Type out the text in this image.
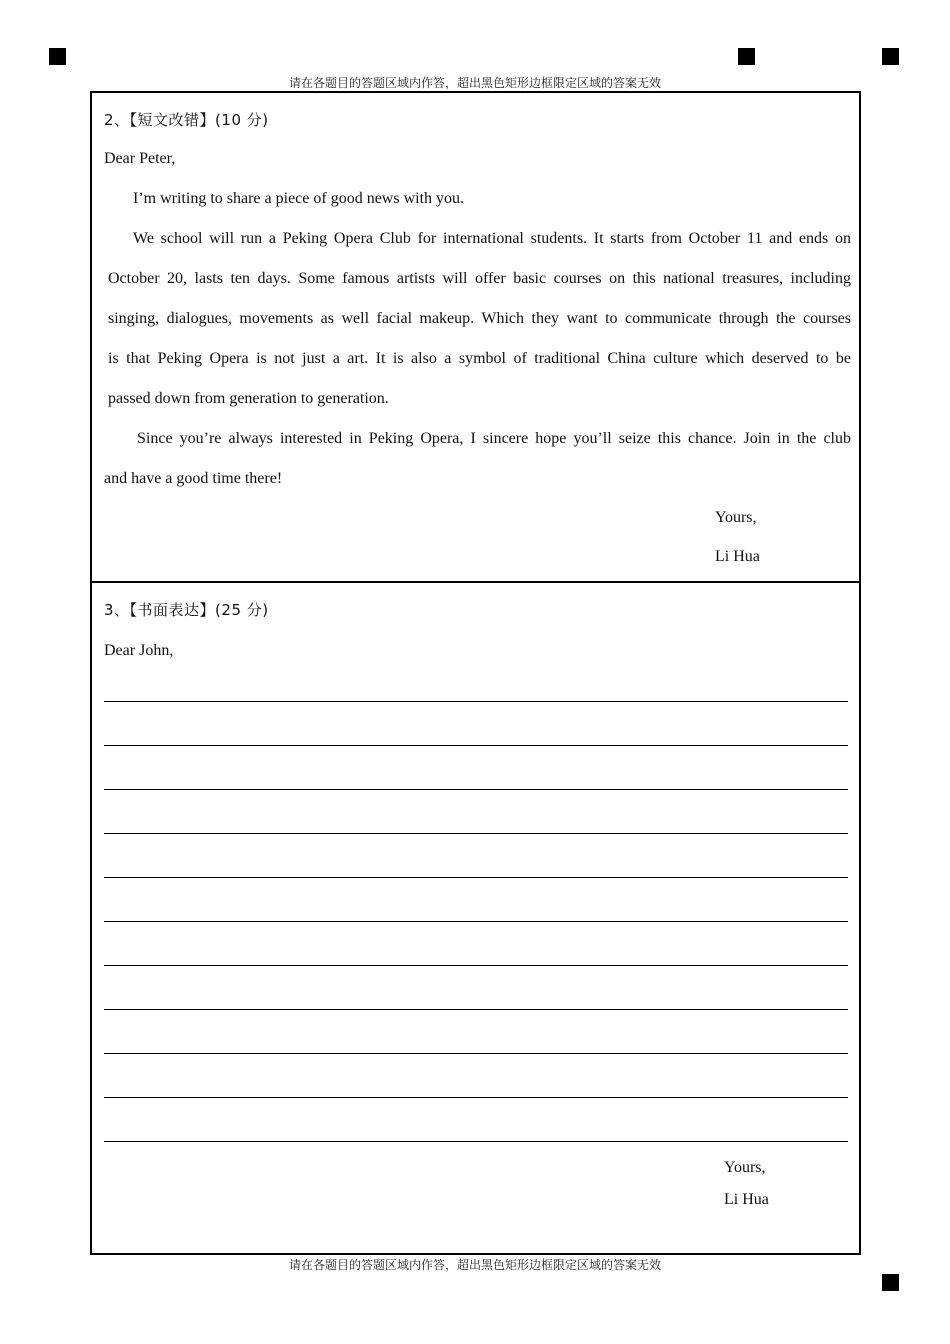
请在各题目的答题区域内作答，超出黑色矩形边框限定区域的答案无效
2、【短文改错】(10 分)
Dear Peter,
I’m writing to share a piece of good news with you.
We school will run a Peking Opera Club for international students. It starts from October 11 and ends on
October 20, lasts ten days. Some famous artists will offer basic courses on this national treasures, including
singing, dialogues, movements as well facial makeup. Which they want to communicate through the courses
is that Peking Opera is not just a art. It is also a symbol of traditional China culture which deserved to be
passed down from generation to generation.
Since you’re always interested in Peking Opera, I sincere hope you’ll seize this chance. Join in the club
and have a good time there!
Yours,
Li Hua
3、【书面表达】(25 分)
Dear John,
Yours,
Li Hua
请在各题目的答题区域内作答，超出黑色矩形边框限定区域的答案无效
